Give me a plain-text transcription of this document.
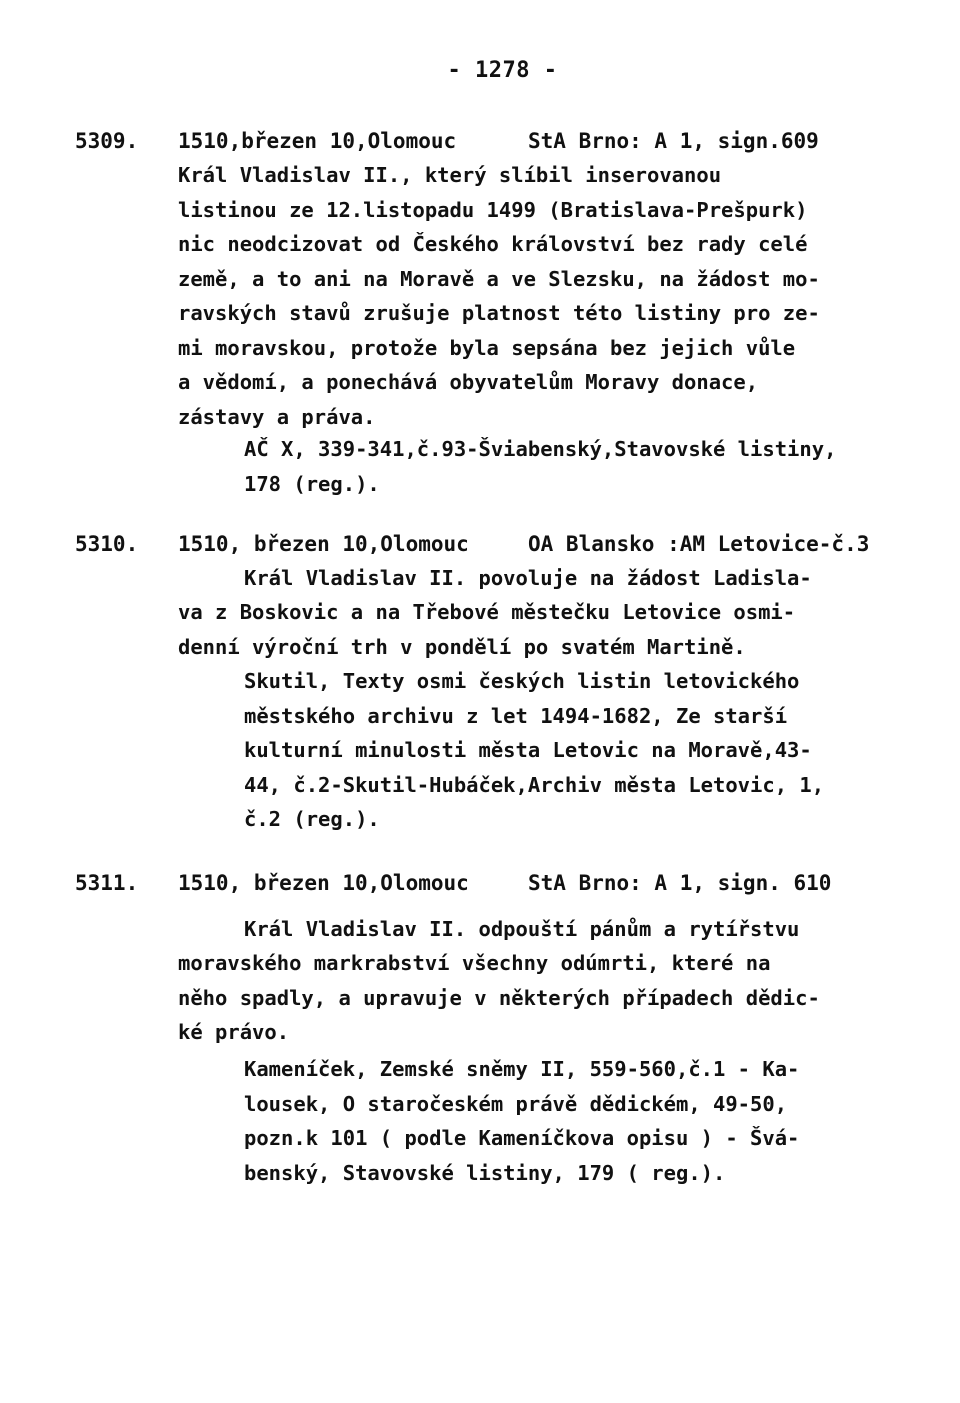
- 1278 -
5309. 1510,březen 10,Olomouc	StA Brno: A 1, sign.609
Král Vladislav II., který slíbil inserovanou
listinou ze 12.listopadu 1499 (Bratislava-Prešpurk)
nic neodcizovat od Českého království bez rady celé
země, a to ani na Moravě a ve Slezsku, na žádost mo-
ravských stavů zrušuje platnost této listiny pro ze-
mi moravskou, protože byla sepsána bez jejich vůle
a vědomí, a ponechává obyvatelům Moravy donace,
zástavy a práva.
AČ X, 339-341,č.93-Šviabenský,Stavovské listiny,
178 (reg.).
5310. 1510, březen 10,Olomouc	OA Blansko :AM Letovice-č.3
Král Vladislav II. povoluje na žádost Ladisla-
va z Boskovic a na Třebové městečku Letovice osmi-
denní výroční trh v pondělí po svatém Martině.
Skutil, Texty osmi českých listin letovického
městského archivu z let 1494-1682, Ze starší
kulturní minulosti města Letovic na Moravě,43-
44, č.2-Skutil-Hubáček,Archiv města Letovic, 1,
č.2 (reg.).
5311. 1510, březen 10,Olomouc	StA Brno: A 1, sign. 610
Král Vladislav II. odpouští pánům a rytířstvu
moravského markrabství všechny odúmrti, které na
něho spadly, a upravuje v některých případech dědic-
ké právo.
Kameníček, Zemské sněmy II, 559-560,č.1 - Ka-
lousek, O staročeském právě dědickém, 49-50,
pozn.k 101 ( podle Kameníčkova opisu ) - Švá-
benský, Stavovské listiny, 179 ( reg.).
